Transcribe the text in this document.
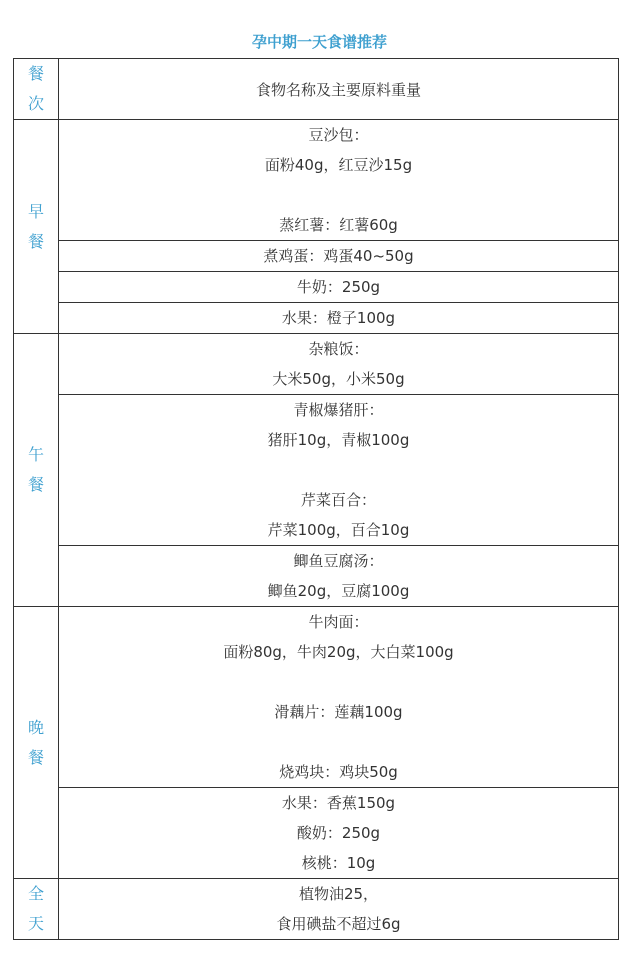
孕中期一天食谱推荐
餐
次	食物名称及主要原料重量

早
餐	豆沙包：
面粉40g，红豆沙15g
蒸红薯：红薯60g

	煮鸡蛋：鸡蛋40~50g

	牛奶：250g

	水果：橙子100g

午
餐	杂粮饭：
大米50g，小米50g

	青椒爆猪肝：
猪肝10g，青椒100g
芹菜百合：
芹菜100g，百合10g

	鲫鱼豆腐汤：
鲫鱼20g，豆腐100g

晚
餐	牛肉面：
面粉80g，牛肉20g，大白菜100g
滑藕片：莲藕100g
烧鸡块：鸡块50g

	水果：香蕉150g
酸奶：250g
核桃：10g

全
天	植物油25，
食用碘盐不超过6g
